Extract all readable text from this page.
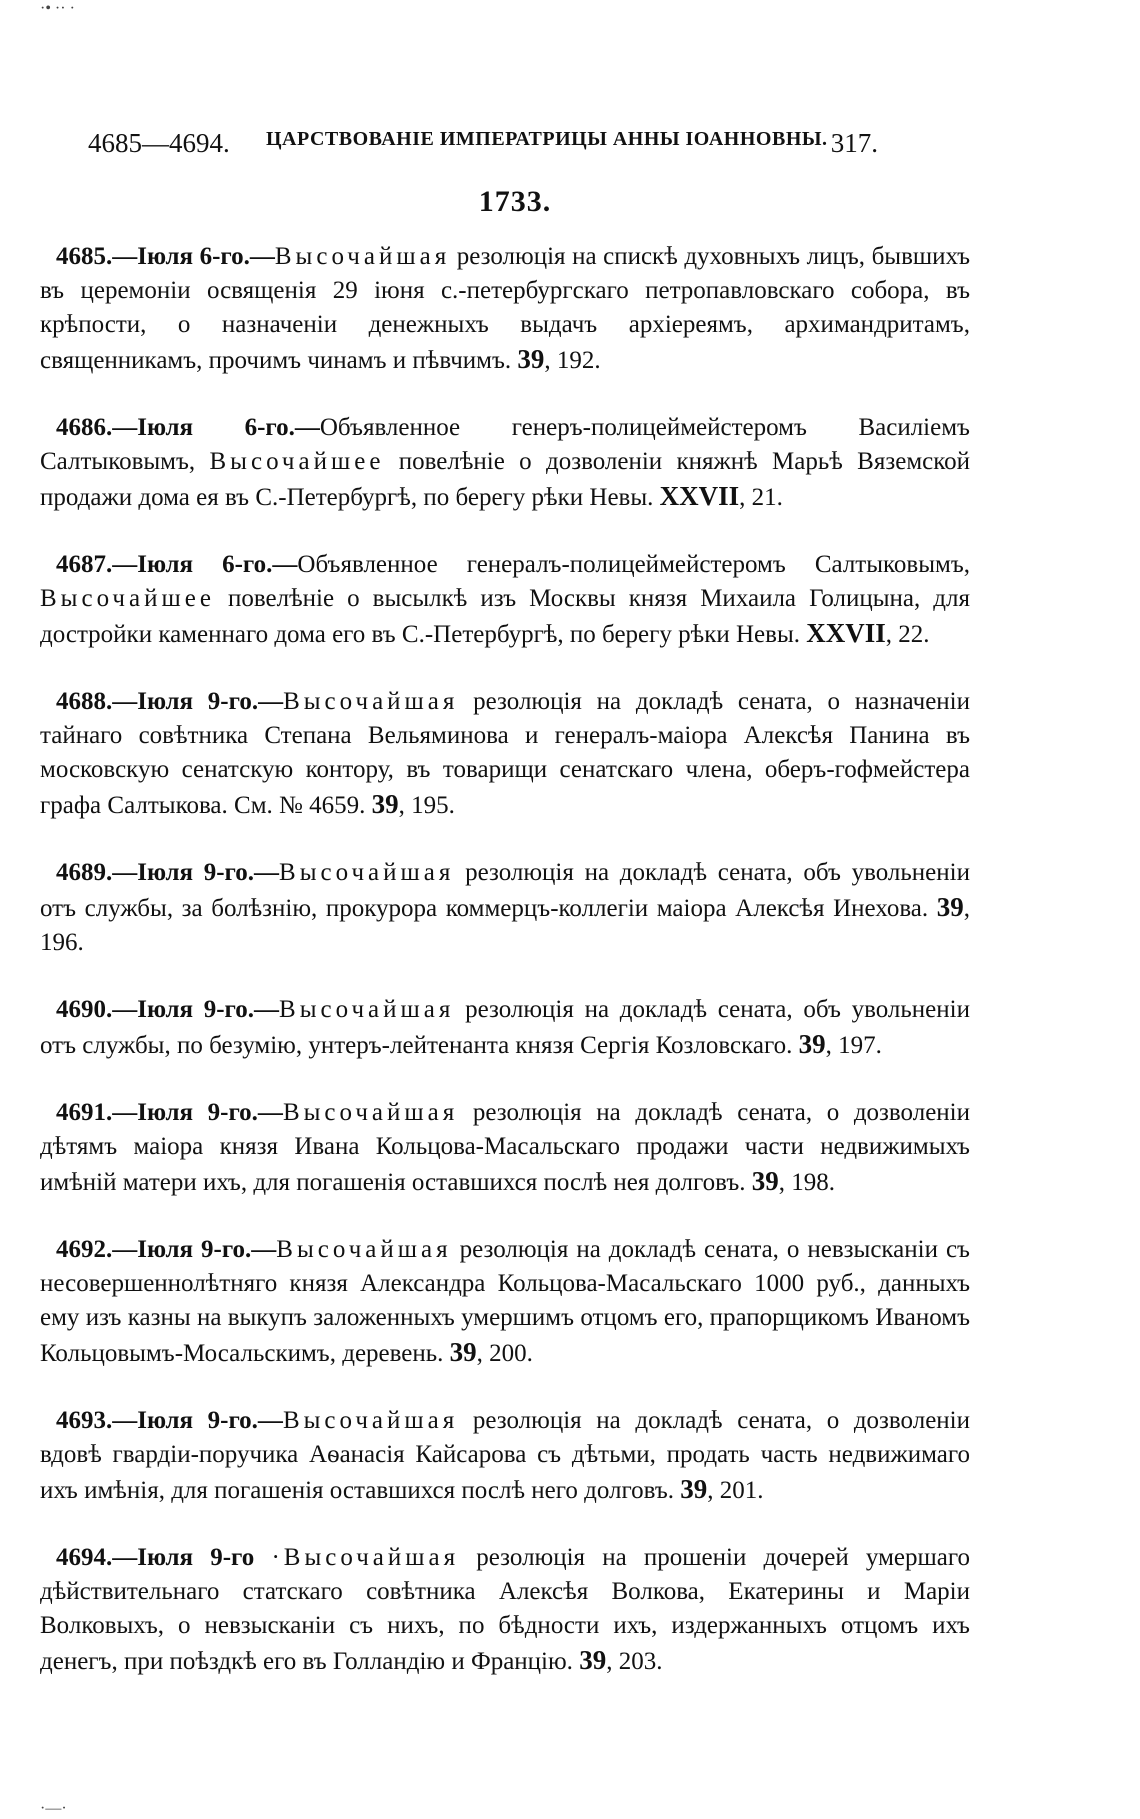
·• ·· ·
4685—4694. ЦАРСТВОВАНІЕ ИМПЕРАТРИЦЫ АННЫ ІОАННОВНЫ. 317.
1733.

4685.—Іюля 6-го.—Высочайшая резолюція на спискѣ духовныхъ лицъ, бывшихъ въ церемоніи освященія 29 іюня с.-петербургскаго петропавловскаго собора, въ крѣпости, о назначеніи денежныхъ выдачъ архіереямъ, архимандритамъ, священникамъ, прочимъ чинамъ и пѣвчимъ. 39, 192.

4686.—Іюля 6-го.—Объявленное генеръ-полицеймейстеромъ Василіемъ Салтыковымъ, Высочайшее повелѣніе о дозволеніи княжнѣ Марьѣ Вяземской продажи дома ея въ С.-Петербургѣ, по берегу рѣки Невы. XXVII, 21.

4687.—Іюля 6-го.—Объявленное генералъ-полицеймейстеромъ Салтыковымъ, Высочайшее повелѣніе о высылкѣ изъ Москвы князя Михаила Голицына, для достройки каменнаго дома его въ С.-Петербургѣ, по берегу рѣки Невы. XXVII, 22.

4688.—Іюля 9-го.—Высочайшая резолюція на докладѣ сената, о назначеніи тайнаго совѣтника Степана Вельяминова и генералъ-маіора Алексѣя Панина въ московскую сенатскую контору, въ товарищи сенатскаго члена, оберъ-гофмейстера графа Салтыкова. См. № 4659. 39, 195.

4689.—Іюля 9-го.—Высочайшая резолюція на докладѣ сената, объ увольненіи отъ службы, за болѣзнію, прокурора коммерцъ-коллегіи маіора Алексѣя Инехова. 39, 196.

4690.—Іюля 9-го.—Высочайшая резолюція на докладѣ сената, объ увольненіи отъ службы, по безумію, унтеръ-лейтенанта князя Сергія Козловскаго. 39, 197.

4691.—Іюля 9-го.—Высочайшая резолюція на докладѣ сената, о дозволеніи дѣтямъ маіора князя Ивана Кольцова-Масальскаго продажи части недвижимыхъ имѣній матери ихъ, для погашенія оставшихся послѣ нея долговъ. 39, 198.

4692.—Іюля 9-го.—Высочайшая резолюція на докладѣ сената, о невзысканіи съ несовершеннолѣтняго князя Александра Кольцова-Масальскаго 1000 руб., данныхъ ему изъ казны на выкупъ заложенныхъ умершимъ отцомъ его, прапорщикомъ Иваномъ Кольцовымъ-Мосальскимъ, деревень. 39, 200.

4693.—Іюля 9-го.—Высочайшая резолюція на докладѣ сената, о дозволеніи вдовѣ гвардіи-поручика Аѳанасія Кайсарова съ дѣтьми, продать часть недвижимаго ихъ имѣнія, для погашенія оставшихся послѣ него долговъ. 39, 201.

4694.—Іюля 9-го ·Высочайшая резолюція на прошеніи дочерей умершаго дѣйствительнаго статскаго совѣтника Алексѣя Волкова, Екатерины и Маріи Волковыхъ, о невзысканіи съ нихъ, по бѣдности ихъ, издержанныхъ отцомъ ихъ денегъ, при поѣздкѣ его въ Голландію и Францію. 39, 203.

·—·
